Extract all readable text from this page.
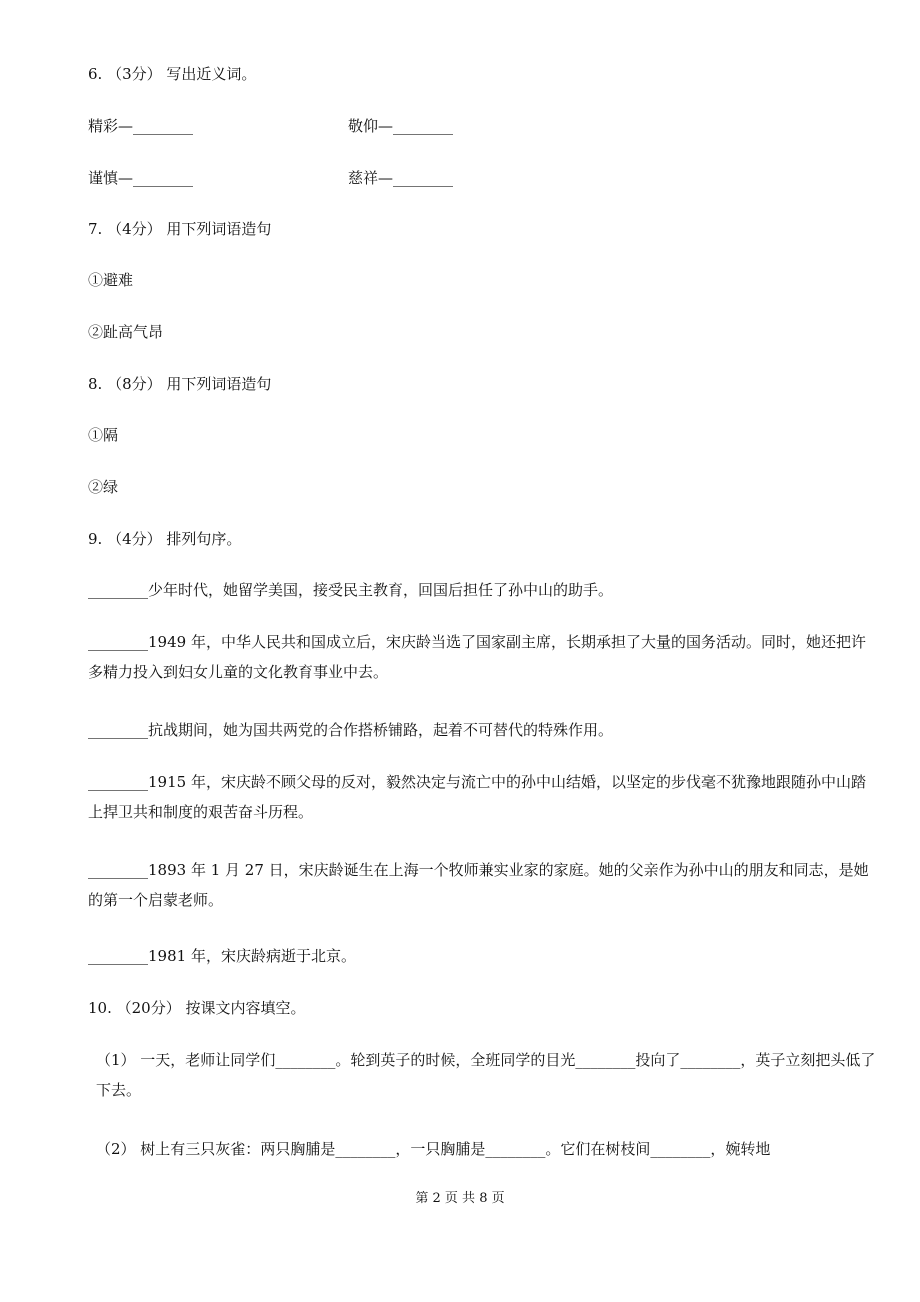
6. （3分） 写出近义词。
精彩—________	敬仰—________
谨慎—________	慈祥—________
7. （4分） 用下列词语造句
①避难
②趾高气昂
8. （8分） 用下列词语造句
①隔
②绿
9. （4分） 排列句序。
________少年时代，她留学美国，接受民主教育，回国后担任了孙中山的助手。
________1949 年，中华人民共和国成立后，宋庆龄当选了国家副主席，长期承担了大量的国务活动。同时，她还把许多精力投入到妇女儿童的文化教育事业中去。
________抗战期间，她为国共两党的合作搭桥铺路，起着不可替代的特殊作用。
________1915 年，宋庆龄不顾父母的反对，毅然决定与流亡中的孙中山结婚，以坚定的步伐毫不犹豫地跟随孙中山踏上捍卫共和制度的艰苦奋斗历程。
________1893 年 1 月 27 日，宋庆龄诞生在上海一个牧师兼实业家的家庭。她的父亲作为孙中山的朋友和同志，是她的第一个启蒙老师。
________1981 年，宋庆龄病逝于北京。
10. （20分） 按课文内容填空。
（1） 一天，老师让同学们________。轮到英子的时候，全班同学的目光________投向了________，英子立刻把头低了下去。
（2） 树上有三只灰雀：两只胸脯是________，一只胸脯是________。它们在树枝间________，婉转地
第 2 页 共 8 页
